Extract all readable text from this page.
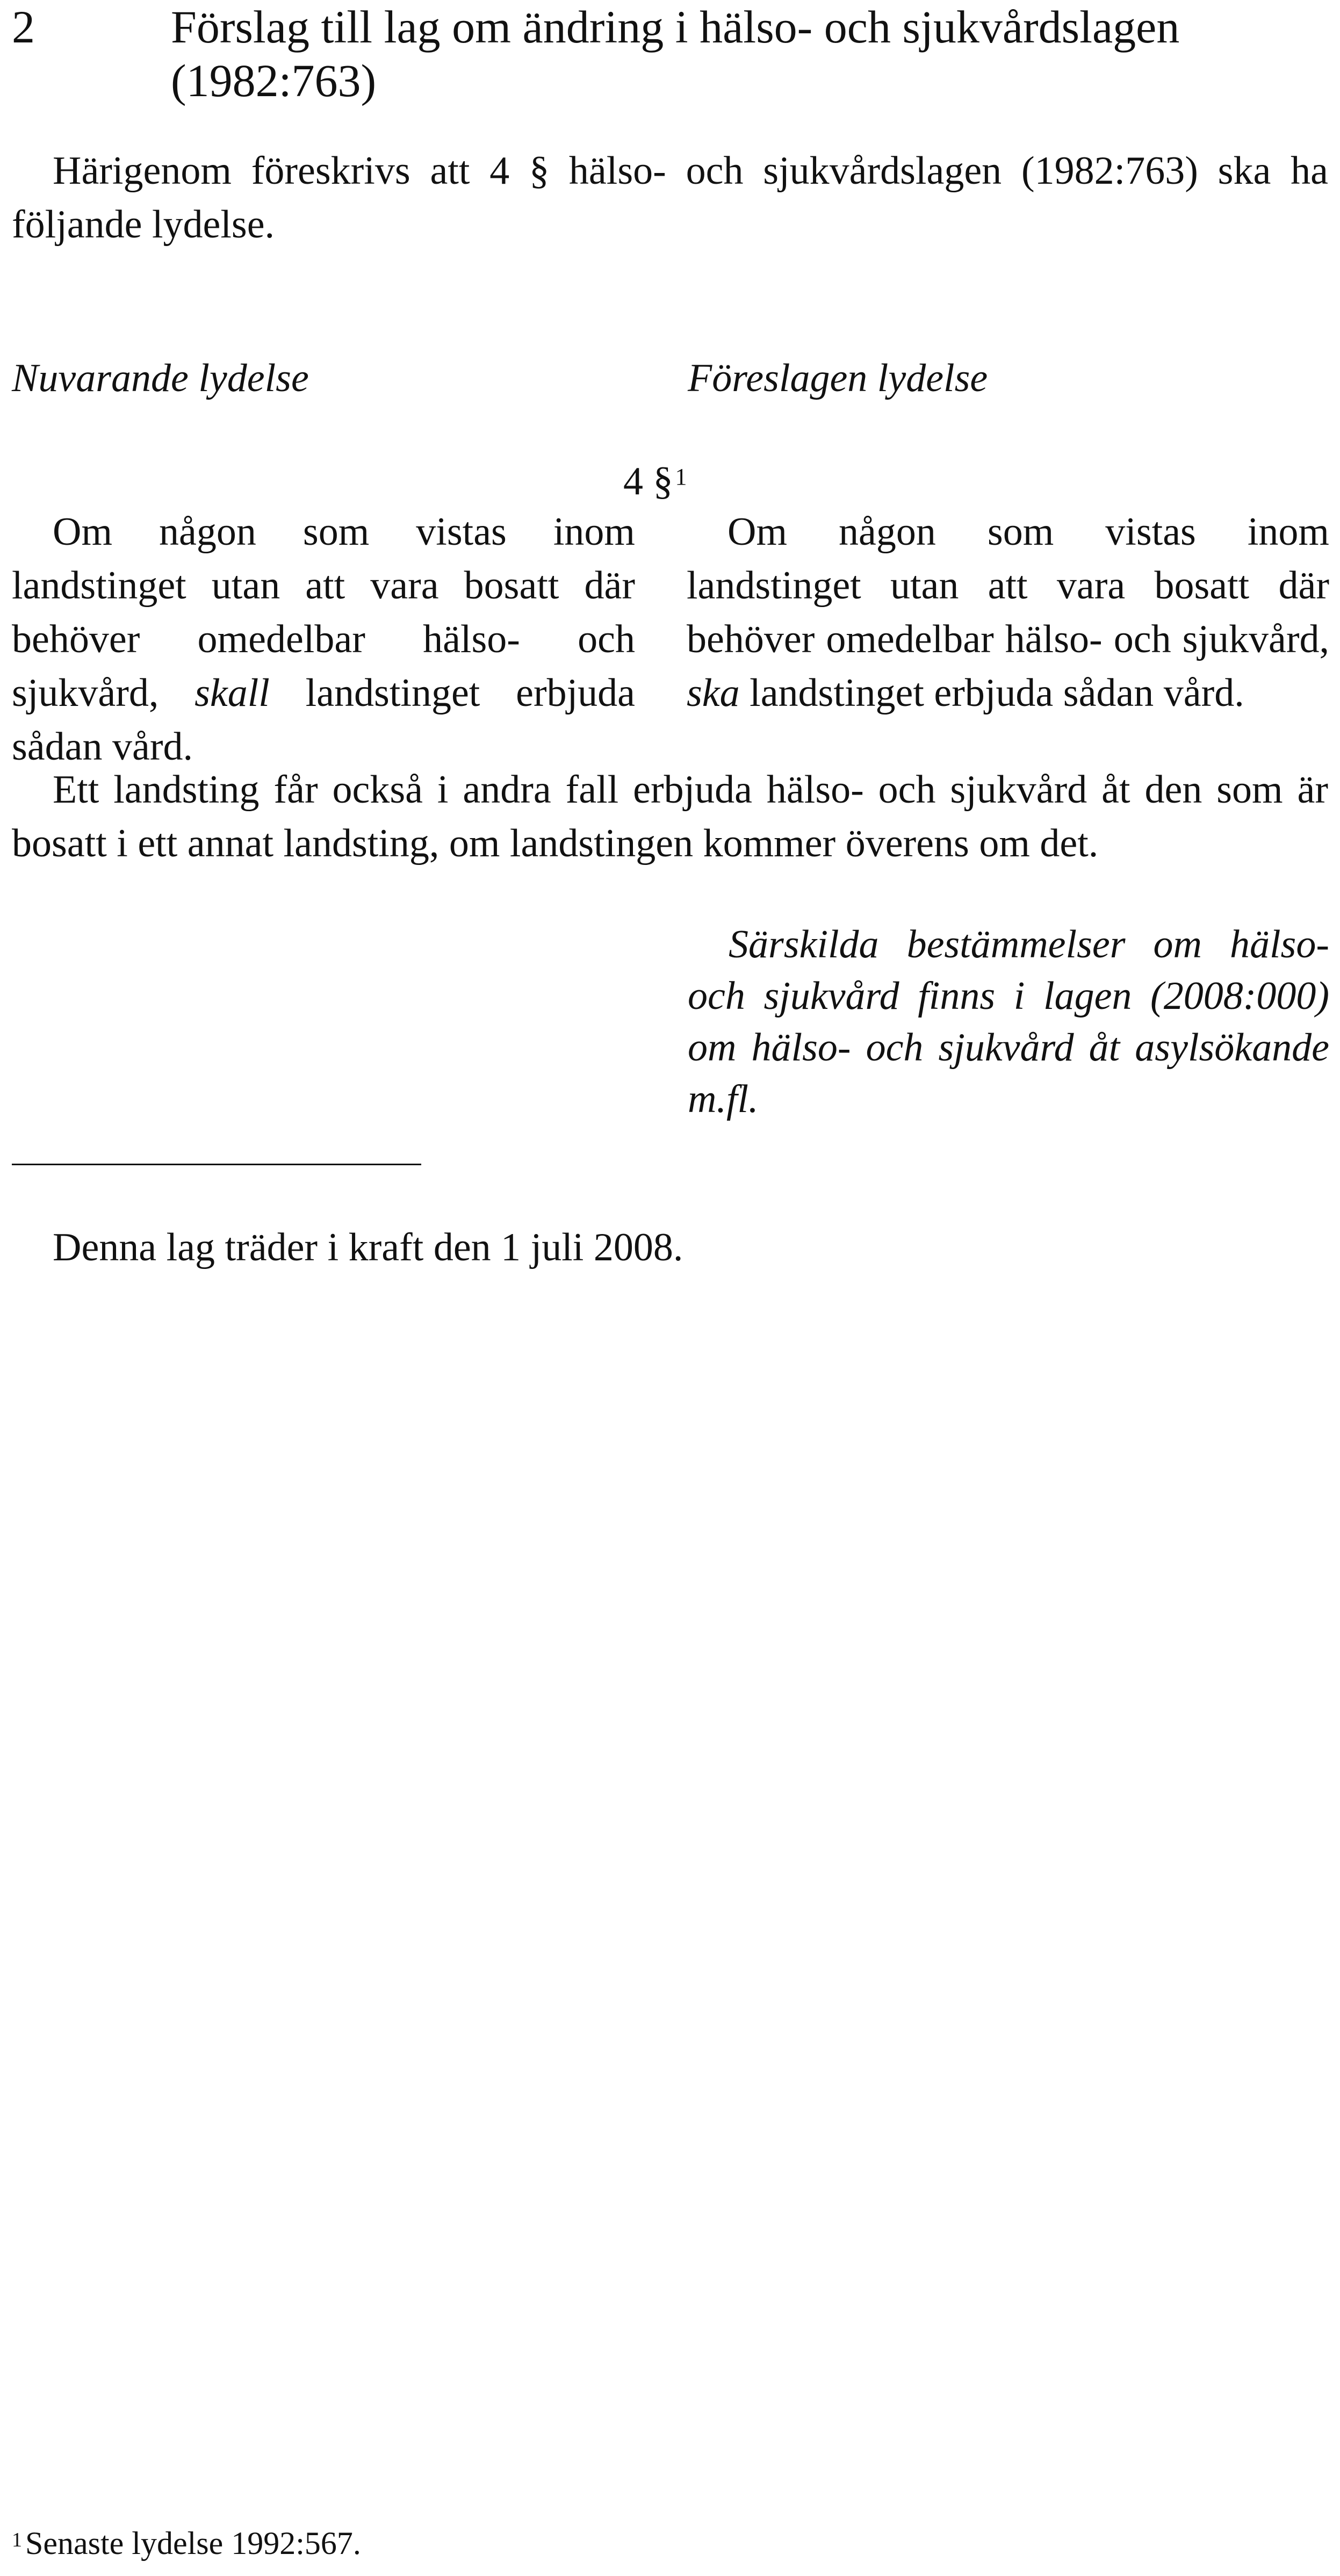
2	Förslag till lag om ändring i hälso- och sjukvårdslagen (1982:763)
Härigenom föreskrivs att 4 § hälso- och sjukvårdslagen (1982:763) ska ha följande lydelse.
Nuvarande lydelse	Föreslagen lydelse
4 §$^1$
Om någon som vistas inom landstinget utan att vara bosatt där behöver omedelbar hälso- och sjukvård, skall landstinget erbjuda sådan vård.
Om någon som vistas inom landstinget utan att vara bosatt där behöver omedelbar hälso- och sjukvård, ska landstinget erbjuda sådan vård.
Ett landsting får också i andra fall erbjuda hälso- och sjukvård åt den som är bosatt i ett annat landsting, om landstingen kommer överens om det.
Särskilda bestämmelser om hälso- och sjukvård finns i lagen (2008:000) om hälso- och sjukvård åt asylsökande m.fl.
Denna lag träder i kraft den 1 juli 2008.
$^1$ Senaste lydelse 1992:567.
